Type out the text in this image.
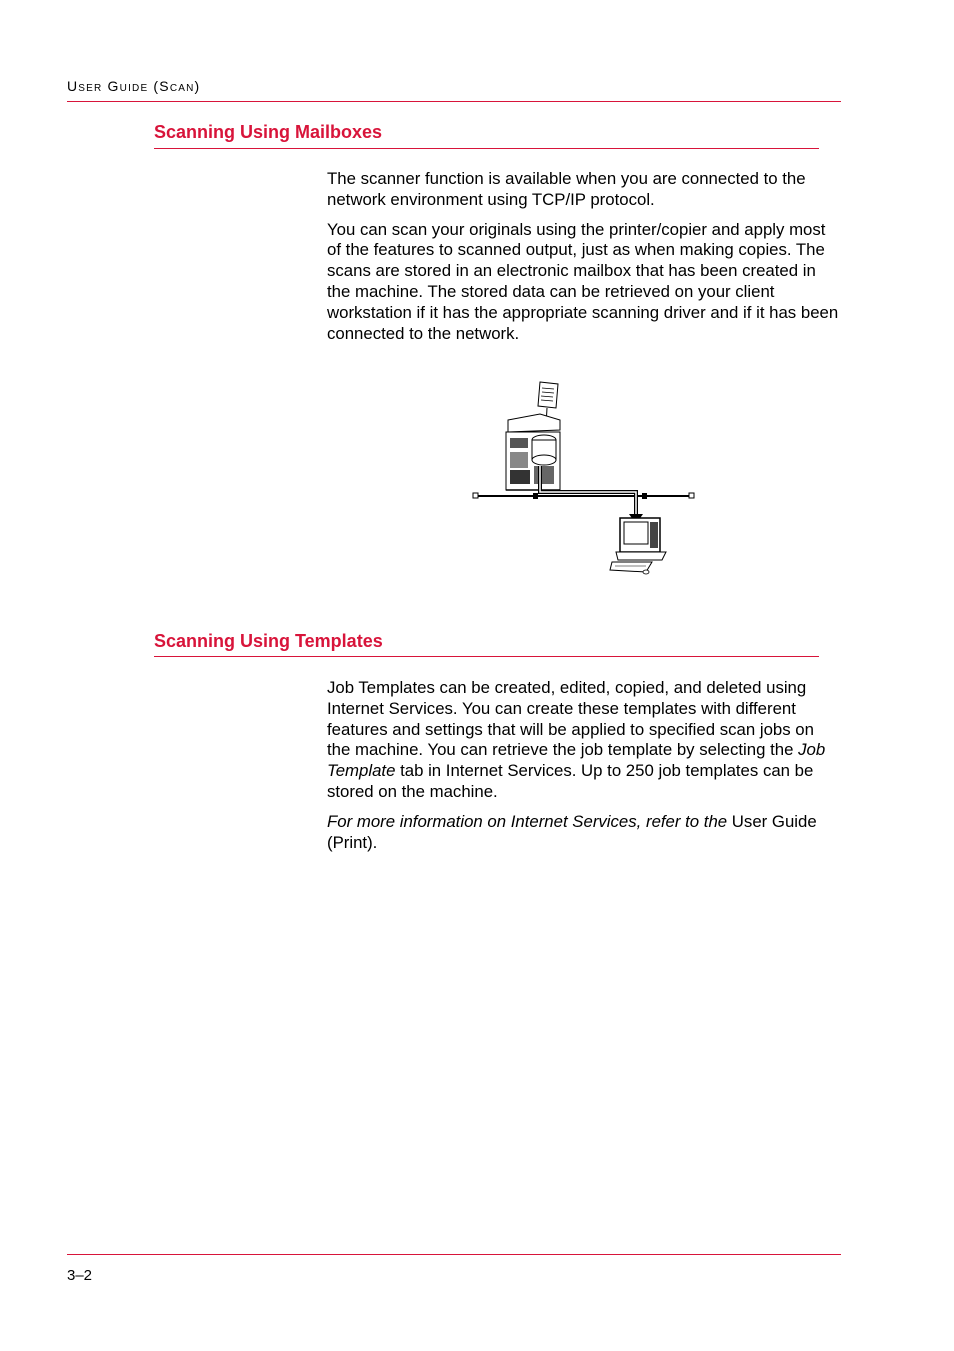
User Guide (Scan)
Scanning Using Mailboxes

The scanner function is available when you are connected to the network environment using TCP/IP protocol.

You can scan your originals using the printer/copier and apply most of the features to scanned output, just as when making copies. The scans are stored in an electronic mailbox that has been created in the machine. The stored data can be retrieved on your client workstation if it has the appropriate scanning driver and if it has been connected to the network.

Scanning Using Templates

Job Templates can be created, edited, copied, and deleted using Internet Services. You can create these templates with different features and settings that will be applied to specified scan jobs on the machine. You can retrieve the job template by selecting the Job Template tab in Internet Services. Up to 250 job templates can be stored on the machine.

For more information on Internet Services, refer to the User Guide (Print).

3–2
